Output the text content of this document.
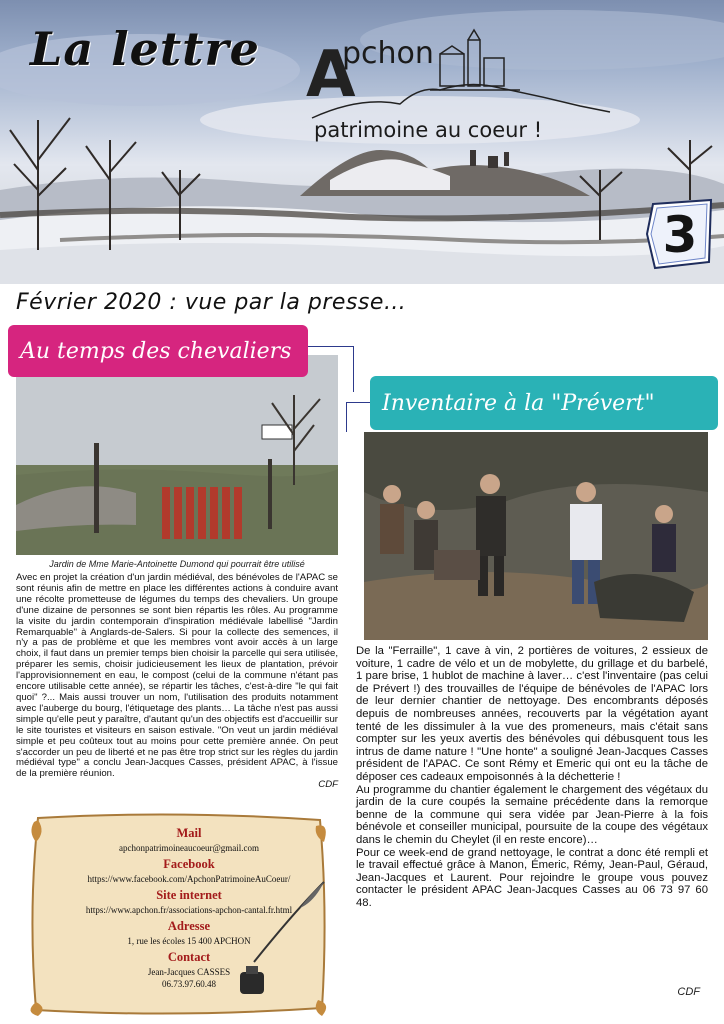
La lettre A
pchon
patrimoine au coeur !
3
Février 2020 : vue par la presse…
Au temps des chevaliers
Jardin de Mme Marie-Antoinette Dumond qui pourrait être utilisé

Avec en projet la création d'un jardin médiéval, des bénévoles de l'APAC se sont réunis afin de mettre en place les différentes actions à conduire avant une récolte prometteuse de légumes du temps des chevaliers. Un groupe d'une dizaine de personnes se sont bien répartis les rôles. Au programme la visite du jardin contemporain d'inspiration médiévale labellisé "Jardin Remarquable" à Anglards-de-Salers. Si pour la collecte des semences, il n'y a pas de problème et que les membres vont avoir accès à un large choix, il faut dans un premier temps bien choisir la parcelle qui sera utilisée, préparer les semis, choisir judicieusement les lieux de plantation, prévoir l'approvisionnement en eau, le compost (celui de la commune n'étant pas encore utilisable cette année), se répartir les tâches, c'est-à-dire "le qui fait quoi" ?... Mais aussi trouver un nom, l'utilisation des produits notamment avec l'auberge du bourg, l'étiquetage des plants… La tâche n'est pas aussi simple qu'elle peut y paraître, d'autant qu'un des objectifs est d'accueillir sur le site touristes et visiteurs en saison estivale. "On veut un jardin médiéval simple et peu coûteux tout au moins pour cette première année. On peut s'accorder un peu de liberté et ne pas être trop strict sur les règles du jardin médiéval type" a conclu Jean-Jacques Casses, président APAC, à l'issue de la première réunion.

CDF

Inventaire à la "Prévert"

De la "Ferraille", 1 cave à vin, 2 portières de voitures, 2 essieux de voiture, 1 cadre de vélo et un de mobylette, du grillage et du barbelé, 1 pare brise, 1 hublot de machine à laver… c'est l'inventaire (pas celui de Prévert !) des trouvailles de l'équipe de bénévoles de l'APAC lors de leur dernier chantier de nettoyage. Des encombrants déposés depuis de nombreuses années, recouverts par la végétation ayant tenté de les dissimuler à la vue des promeneurs, mais c'était sans compter sur les yeux avertis des bénévoles qui débusquent tous les intrus de dame nature ! "Une honte" a souligné Jean-Jacques Casses président de l'APAC. Ce sont Rémy et Emeric qui ont eu la tâche de déposer ces cadeaux empoisonnés à la déchetterie !

Au programme du chantier également le chargement des végétaux du jardin de la cure coupés la semaine précédente dans la remorque benne de la commune qui sera vidée par Jean-Pierre à la fois bénévole et conseiller municipal, poursuite de la coupe des végétaux dans le chemin du Cheylet (il en reste encore)…

Pour ce week-end de grand nettoyage, le contrat a donc été rempli et le travail effectué grâce à Manon, Émeric, Rémy, Jean-Paul, Géraud, Jean-Jacques et Laurent. Pour rejoindre le groupe vous pouvez contacter le président APAC Jean-Jacques Casses au 06 73 97 60 48.

CDF
Mail
apchonpatrimoineaucoeur@gmail.com
Facebook
https://www.facebook.com/ApchonPatrimoineAuCoeur/
Site internet
https://www.apchon.fr/associations-apchon-cantal.fr.html
Adresse
1, rue les écoles 15 400 APCHON
Contact
Jean-Jacques CASSES
06.73.97.60.48
